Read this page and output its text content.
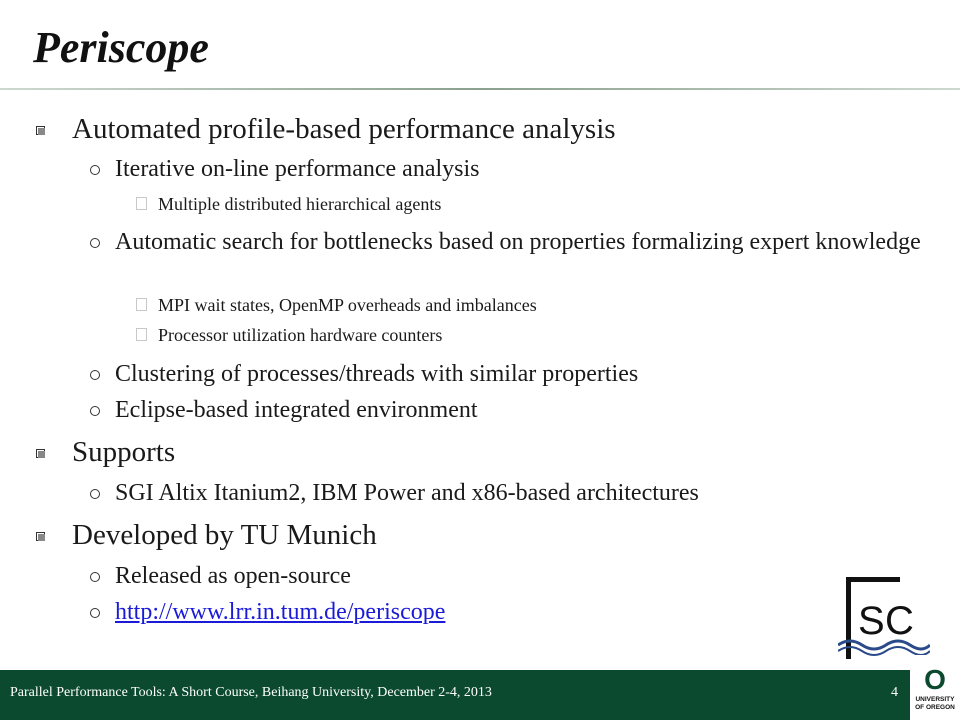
Periscope
Automated profile-based performance analysis
Iterative on-line performance analysis
Multiple distributed hierarchical agents
Automatic search for bottlenecks based on properties formalizing expert knowledge
MPI wait states, OpenMP overheads and imbalances
Processor utilization hardware counters
Clustering of processes/threads with similar properties
Eclipse-based integrated environment
Supports
SGI Altix Itanium2, IBM Power and x86-based architectures
Developed by TU Munich
Released as open-source
http://www.lrr.in.tum.de/periscope	S C
Parallel Performance Tools: A Short Course, Beihang University, December 2-4, 2013	4 O
UNIVERSITY
OF OREGON
